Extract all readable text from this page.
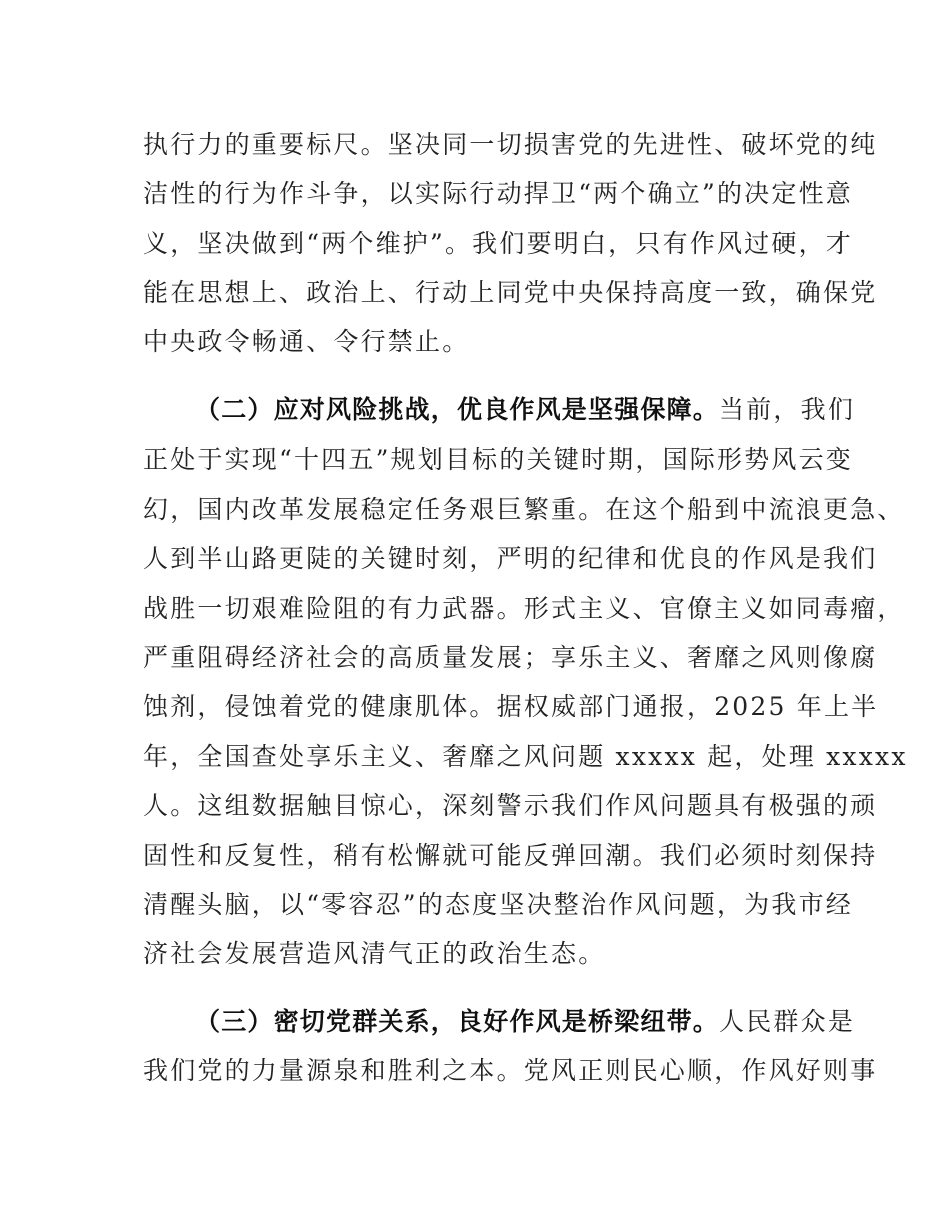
执行力的重要标尺。坚决同一切损害党的先进性、破坏党的纯

洁性的行为作斗争，以实际行动捍卫“两个确立”的决定性意

义，坚决做到“两个维护”。我们要明白，只有作风过硬，才

能在思想上、政治上、行动上同党中央保持高度一致，确保党

中央政令畅通、令行禁止。

（二）应对风险挑战，优良作风是坚强保障。当前，我们

正处于实现“十四五”规划目标的关键时期，国际形势风云变

幻，国内改革发展稳定任务艰巨繁重。在这个船到中流浪更急、

人到半山路更陡的关键时刻，严明的纪律和优良的作风是我们

战胜一切艰难险阻的有力武器。形式主义、官僚主义如同毒瘤，

严重阻碍经济社会的高质量发展；享乐主义、奢靡之风则像腐

蚀剂，侵蚀着党的健康肌体。据权威部门通报，2025 年上半

年，全国查处享乐主义、奢靡之风问题 xxxxx 起，处理 xxxxx

人。这组数据触目惊心，深刻警示我们作风问题具有极强的顽

固性和反复性，稍有松懈就可能反弹回潮。我们必须时刻保持

清醒头脑，以“零容忍”的态度坚决整治作风问题，为我市经

济社会发展营造风清气正的政治生态。

（三）密切党群关系，良好作风是桥梁纽带。人民群众是

我们党的力量源泉和胜利之本。党风正则民心顺，作风好则事
